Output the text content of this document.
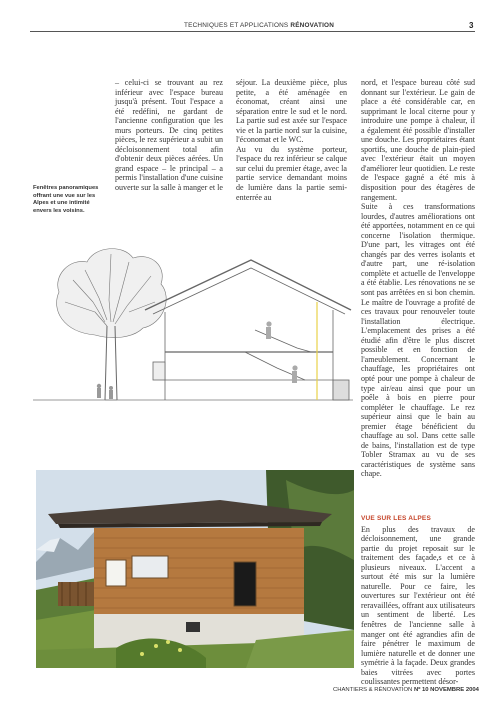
TECHNIQUES ET APPLICATIONS RÉNOVATION	3
Fenêtres panoramiques offrant une vue sur les Alpes et une intimité envers les voisins.

– celui-ci se trouvant au rez inférieur avec l'espace bureau jusqu'à présent. Tout l'espace a été redéfini, ne gardant de l'ancienne configuration que les murs porteurs. De cinq petites pièces, le rez supérieur a subit un décloisonnement total afin d'obtenir deux pièces aérées. Un grand espace – le principal – a permis l'installation d'une cuisine ouverte sur la salle à manger et le

séjour. La deuxième pièce, plus petite, a été aménagée en économat, créant ainsi une séparation entre le sud et le nord. La partie sud est axée sur l'espace vie et la partie nord sur la cuisine, l'économat et le WC.

Au vu du système porteur, l'espace du rez inférieur se calque sur celui du premier étage, avec la partie service demandant moins de lumière dans la partie semi-enterrée au

nord, et l'espace bureau côté sud donnant sur l'extérieur. Le gain de place a été considérable car, en supprimant le local citerne pour y introduire une pompe à chaleur, il a également été possible d'installer une douche. Les propriétaires étant sportifs, une douche de plain-pied avec l'extérieur était un moyen d'améliorer leur quotidien. Le reste de l'espace gagné a été mis à disposition pour des étagères de rangement.

Suite à ces transformations lourdes, d'autres améliorations ont été apportées, notamment en ce qui concerne l'isolation thermique. D'une part, les vitrages ont été changés par des verres isolants et d'autre part, une ré-isolation complète et actuelle de l'enveloppe a été établie. Les rénovations ne se sont pas arrêtées en si bon chemin. Le maître de l'ouvrage a profité de ces travaux pour renouveler toute l'installation électrique. L'emplacement des prises a été étudié afin d'être le plus discret possible et en fonction de l'ameublement. Concernant le chauffage, les propriétaires ont opté pour une pompe à chaleur de type air/eau ainsi que pour un poêle à bois en pierre pour compléter le chauffage. Le rez supérieur ainsi que le bain au premier étage bénéficient du chauffage au sol. Dans cette salle de bains, l'installation est de type Tobler Stramax au vu de ses caractéristiques de système sans chape.

VUE SUR LES ALPES

En plus des travaux de décloisonnement, une grande partie du projet reposait sur le traitement des façade,s et ce à plusieurs niveaux. L'accent a surtout été mis sur la lumière naturelle. Pour ce faire, les ouvertures sur l'extérieur ont été reravaillées, offrant aux utilisateurs un sentiment de liberté. Les fenêtres de l'ancienne salle à manger ont été agrandies afin de faire pénétrer le maximum de lumière naturelle et de donner une symétrie à la façade. Deux grandes baies vitrées avec portes coulissantes permettent désor-

CHANTIERS & RÉNOVATION Nº 10 NOVEMBRE 2004
